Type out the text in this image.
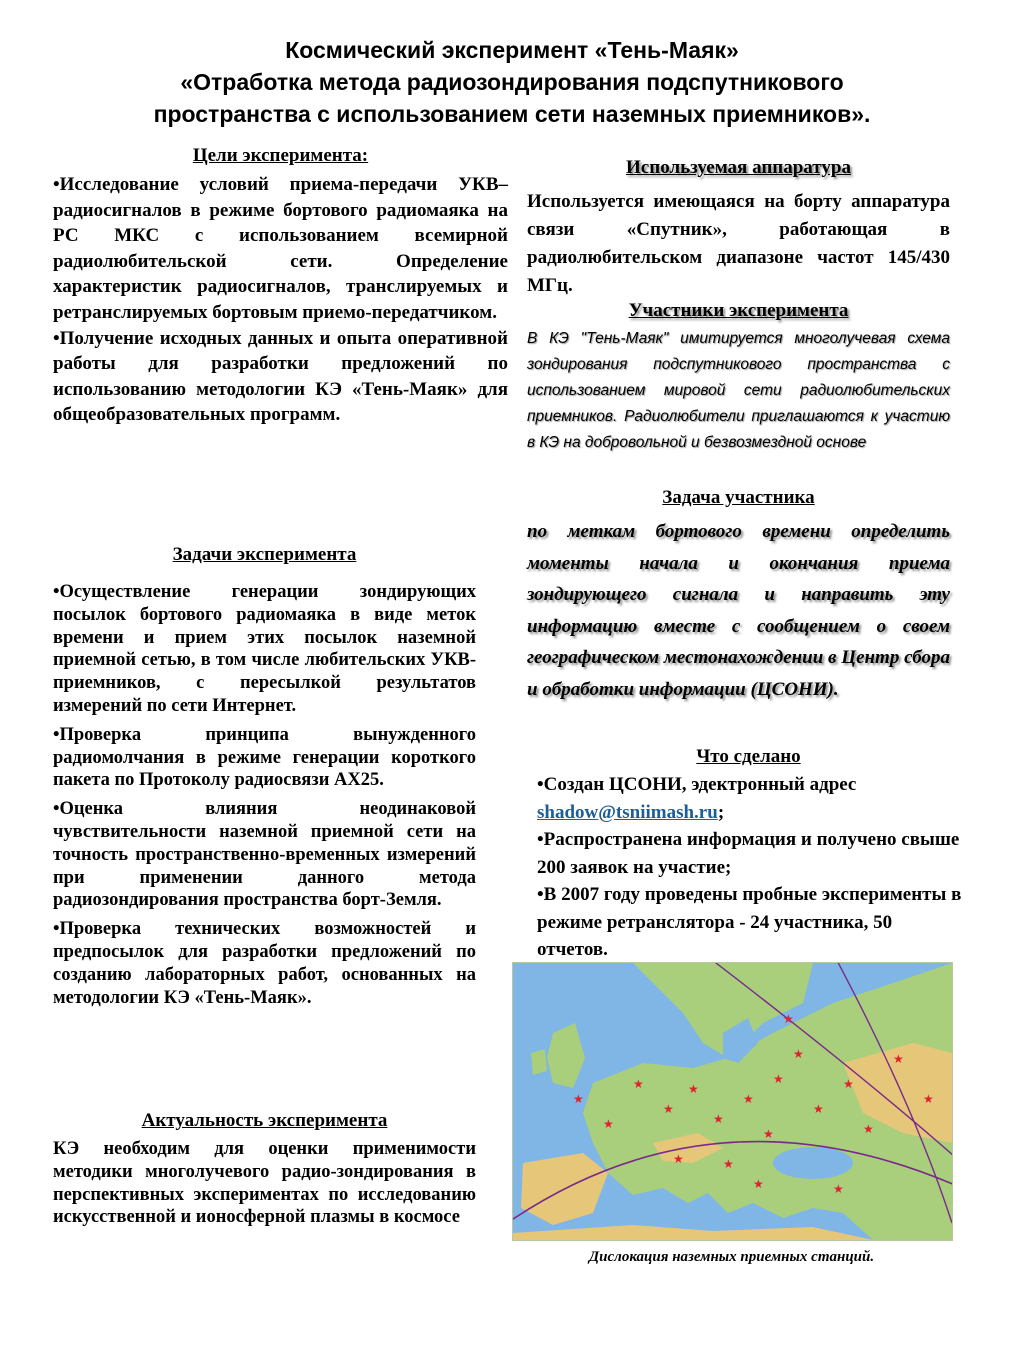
Космический эксперимент «Тень-Маяк»
«Отработка метода радиозондирования подспутникового
пространства с использованием сети наземных приемников».
Цели эксперимента:

•Исследование условий приема-передачи УКВ–радиосигналов в режиме бортового радиомаяка на РС МКС с использованием всемирной радиолюбительской сети. Определение характеристик радиосигналов, транслируемых и ретранслируемых бортовым приемо-передатчиком.

•Получение исходных данных и опыта оперативной работы для разработки предложений по использованию методологии КЭ «Тень-Маяк» для общеобразовательных программ.

Задачи эксперимента

•Осуществление генерации зондирующих посылок бортового радиомаяка в виде меток времени и прием этих посылок наземной приемной сетью, в том числе любительских УКВ-приемников, с пересылкой результатов измерений по сети Интернет.

•Проверка принципа вынужденного радиомолчания в режиме генерации короткого пакета по Протоколу радиосвязи АХ25.

•Оценка влияния неодинаковой чувствительности наземной приемной сети на точность пространственно-временных измерений при применении данного метода радиозондирования пространства борт-Земля.

•Проверка технических возможностей и предпосылок для разработки предложений по созданию лабораторных работ, основанных на методологии КЭ «Тень-Маяк».

Актуальность эксперимента
КЭ необходим для оценки применимости методики многолучевого радио-зондирования в перспективных экспериментах по исследованию искусственной и ионосферной плазмы в космосе
Используемая аппаратура
Используется имеющаяся на борту аппаратура связи «Спутник», работающая в радиолюбительском диапазоне частот 145/430 МГц.
Участники эксперимента
В КЭ "Тень-Маяк" имитируется многолучевая схема зондирования подспутникового пространства с использованием мировой сети радиолюбительских приемников. Радиолюбители приглашаются к участию в КЭ на добровольной и безвозмездной основе
Задача участника
по меткам бортового времени определить моменты начала и окончания приема зондирующего сигнала и направить эту информацию вместе с сообщением о своем географическом местонахождении в Центр сбора и обработки информации (ЦСОНИ).
Что сделано

•Создан ЦСОНИ, эдектронный адрес
shadow@tsniimash.ru;

•Распространена информация и получено свыше 200 заявок на участие;

•В 2007 году проведены пробные эксперименты в режиме ретранслятора - 24 участника, 50 отчетов.

★
★
★
★
★
★
★
★
★
★
★
★
★
★
★
★	★
★
★
★
Дислокация наземных приемных станций.
